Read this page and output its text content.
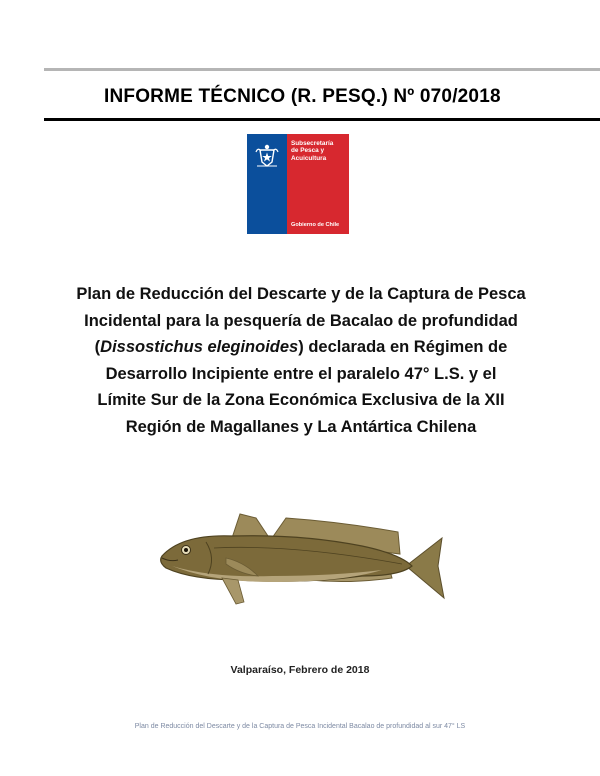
INFORME TÉCNICO (R. PESQ.) Nº 070/2018
Subsecretaría
de Pesca y
Acuicultura
Gobierno de Chile
Plan de Reducción del Descarte y de la Captura de Pesca
Incidental para la pesquería de Bacalao de profundidad
(Dissostichus eleginoides) declarada en Régimen de
Desarrollo Incipiente entre el paralelo 47° L.S. y el
Límite Sur de la Zona Económica Exclusiva de la XII
Región de Magallanes y La Antártica Chilena
Valparaíso, Febrero de 2018
Plan de Reducción del Descarte y de la Captura de Pesca Incidental Bacalao de profundidad al sur 47° LS
